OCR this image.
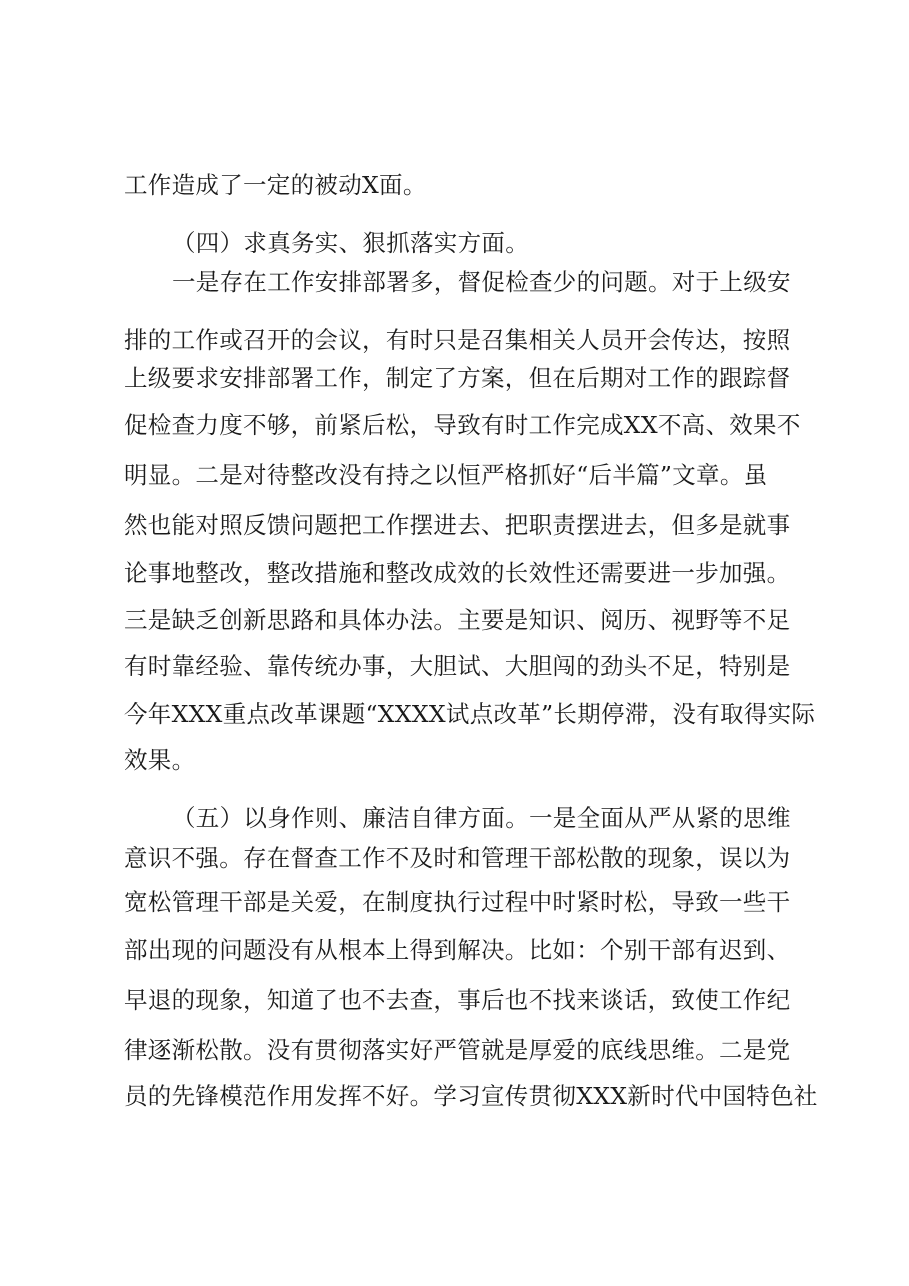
工作造成了一定的被动X面。
（四）求真务实、狠抓落实方面。
一是存在工作安排部署多，督促检查少的问题。对于上级安
排的工作或召开的会议，有时只是召集相关人员开会传达，按照
上级要求安排部署工作，制定了方案，但在后期对工作的跟踪督
促检查力度不够，前紧后松，导致有时工作完成XX不高、效果不
明显。二是对待整改没有持之以恒严格抓好“后半篇”文章。虽
然也能对照反馈问题把工作摆进去、把职责摆进去，但多是就事
论事地整改，整改措施和整改成效的长效性还需要进一步加强。
三是缺乏创新思路和具体办法。主要是知识、阅历、视野等不足
有时靠经验、靠传统办事，大胆试、大胆闯的劲头不足，特别是
今年XXX重点改革课题“XXXX试点改革”长期停滞，没有取得实际
效果。
（五）以身作则、廉洁自律方面。一是全面从严从紧的思维
意识不强。存在督查工作不及时和管理干部松散的现象，误以为
宽松管理干部是关爱，在制度执行过程中时紧时松，导致一些干
部出现的问题没有从根本上得到解决。比如：个别干部有迟到、
早退的现象，知道了也不去查，事后也不找来谈话，致使工作纪
律逐渐松散。没有贯彻落实好严管就是厚爱的底线思维。二是党
员的先锋模范作用发挥不好。学习宣传贯彻XXX新时代中国特色社
